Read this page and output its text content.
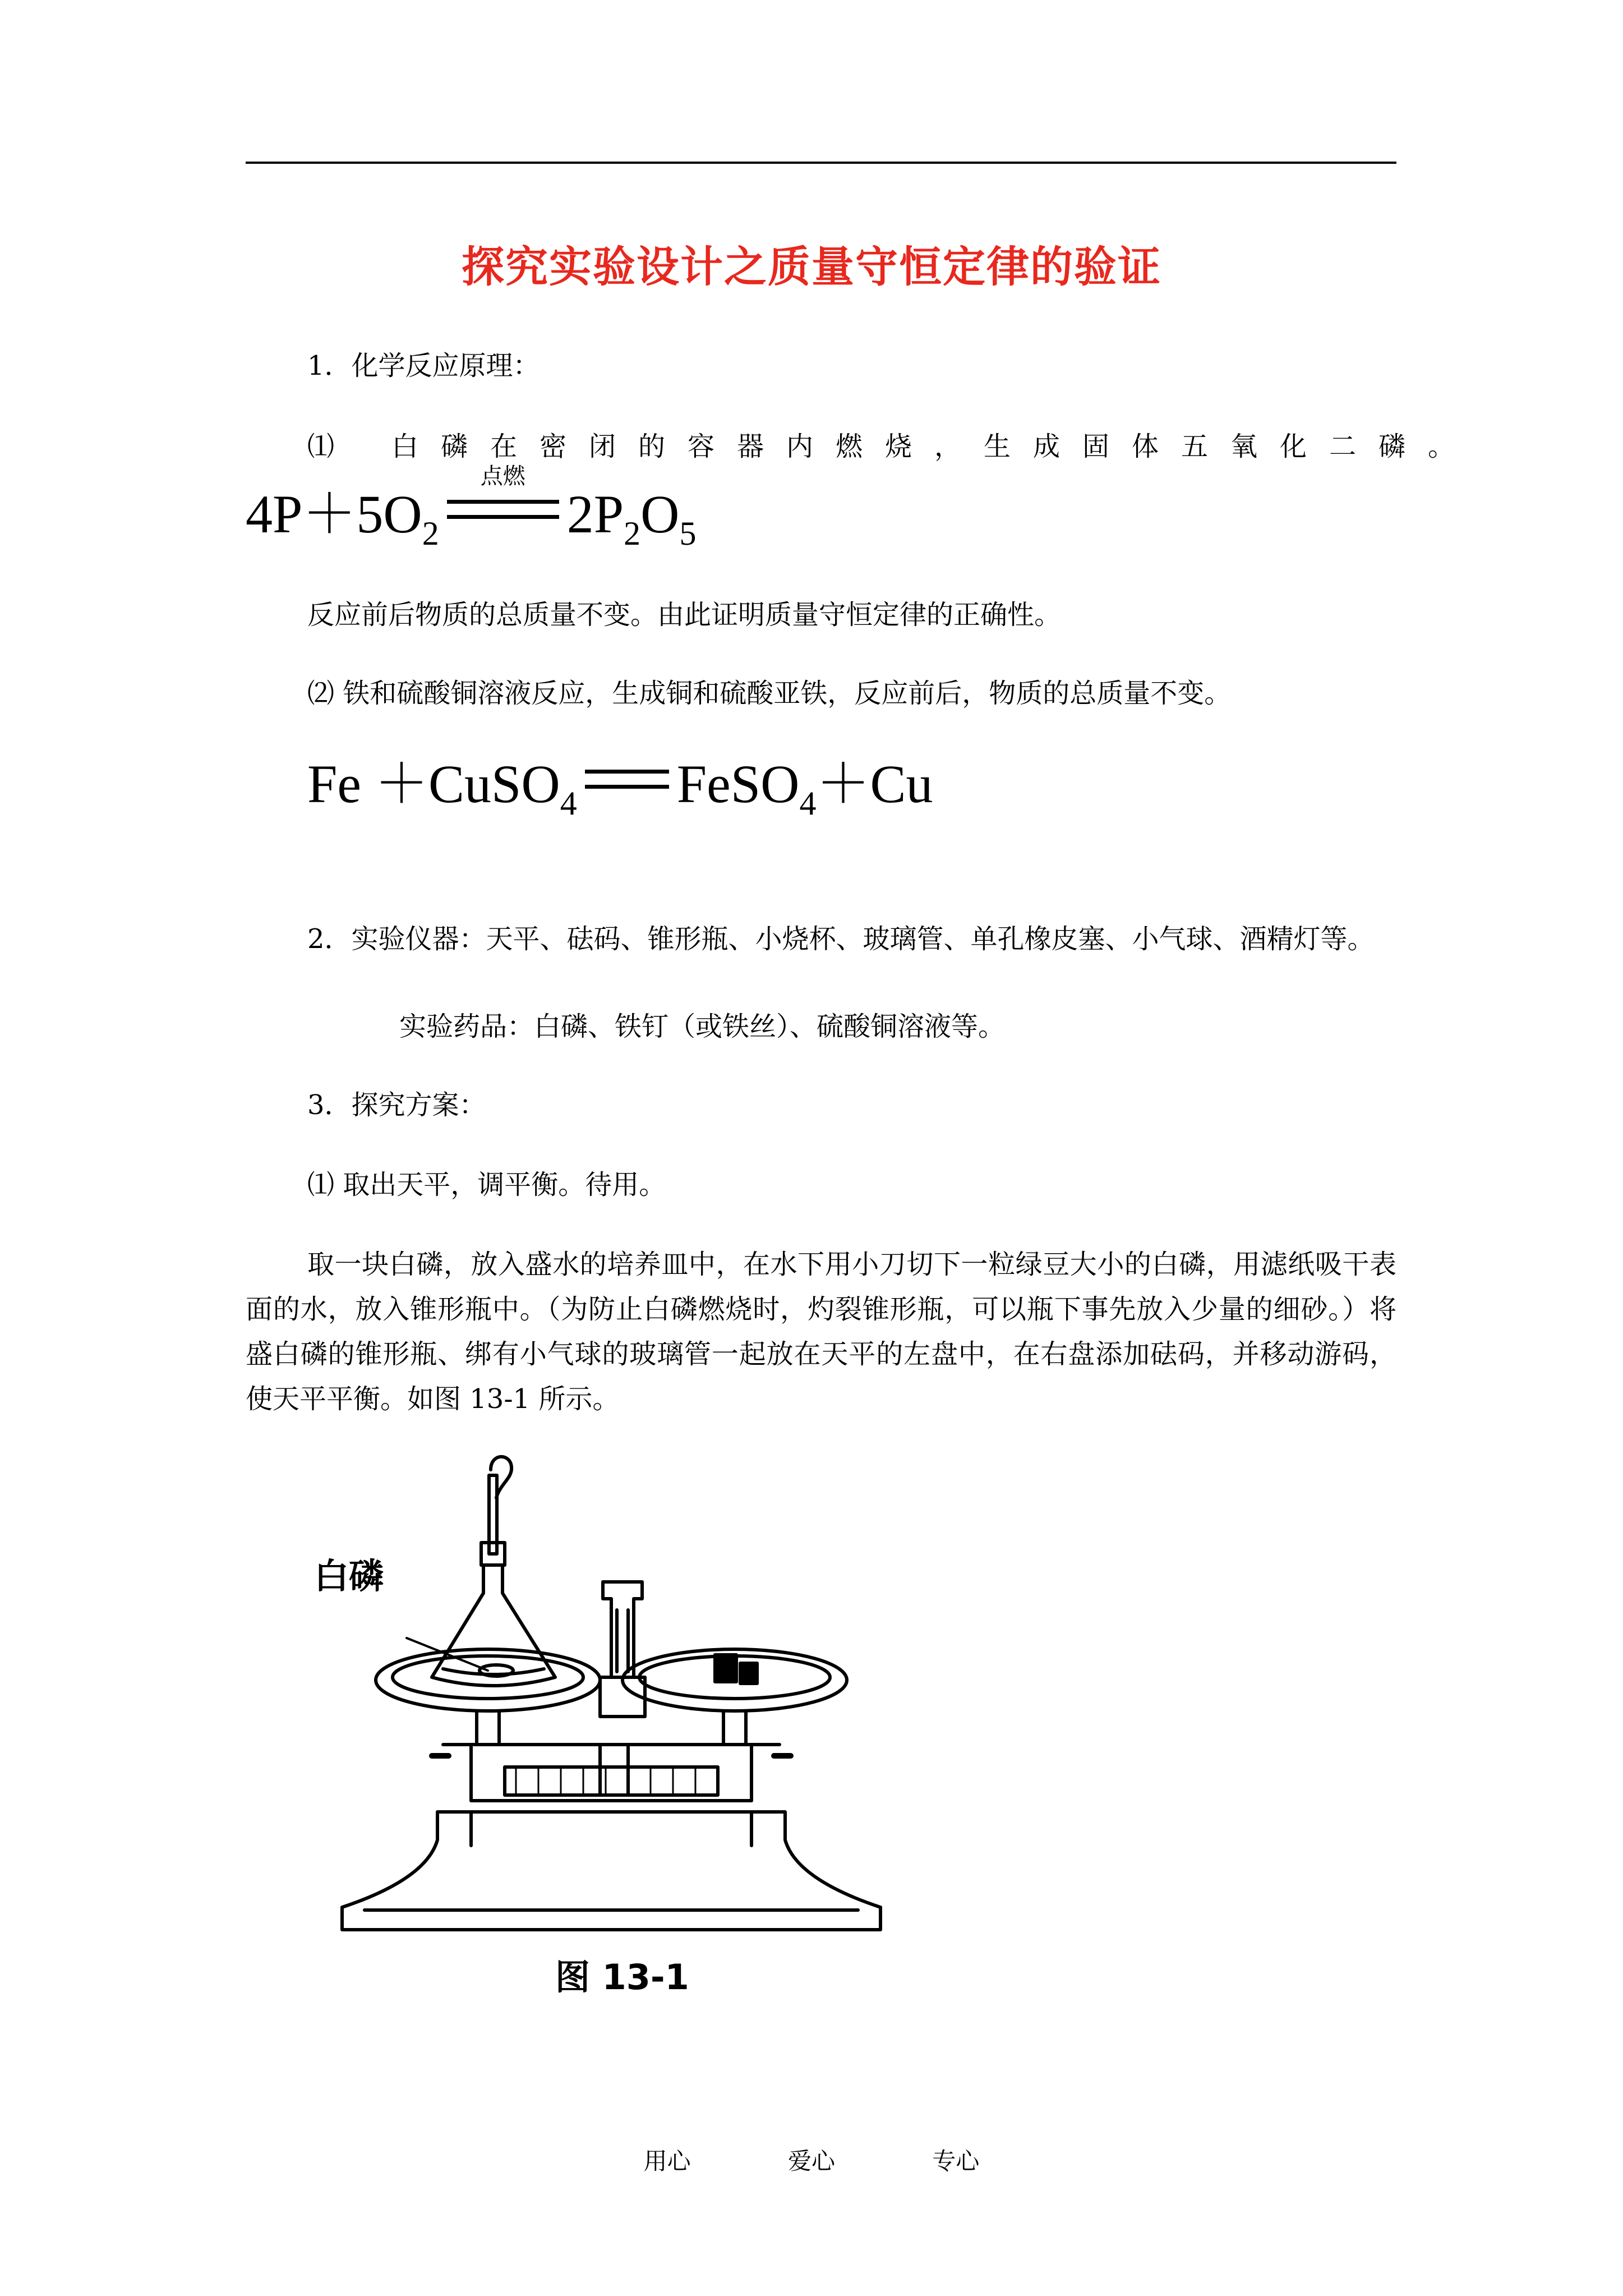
探究实验设计之质量守恒定律的验证
1．化学反应原理：
⑴ 白磷在密闭的容器内燃烧，生成固体五氧化二磷。
$4P+5O_2$
点燃
$2P_2O_5$
反应前后物质的总质量不变。由此证明质量守恒定律的正确性。
⑵ 铁和硫酸铜溶液反应，生成铜和硫酸亚铁，反应前后，物质的总质量不变。
Fe ＋CuSO$_4$ FeSO$_4$＋Cu
2．实验仪器：天平、砝码、锥形瓶、小烧杯、玻璃管、单孔橡皮塞、小气球、酒精灯等。
实验药品：白磷、铁钉（或铁丝）、硫酸铜溶液等。
3．探究方案：
⑴ 取出天平，调平衡。待用。
取一块白磷，放入盛水的培养皿中，在水下用小刀切下一粒绿豆大小的白磷，用滤纸吸干表面的水，放入锥形瓶中。（为防止白磷燃烧时，灼裂锥形瓶，可以瓶下事先放入少量的细砂。）将盛白磷的锥形瓶、绑有小气球的玻璃管一起放在天平的左盘中，在右盘添加砝码，并移动游码，使天平平衡。如图 13-1 所示。
白磷
图 13-1
用心	爱心	专心
